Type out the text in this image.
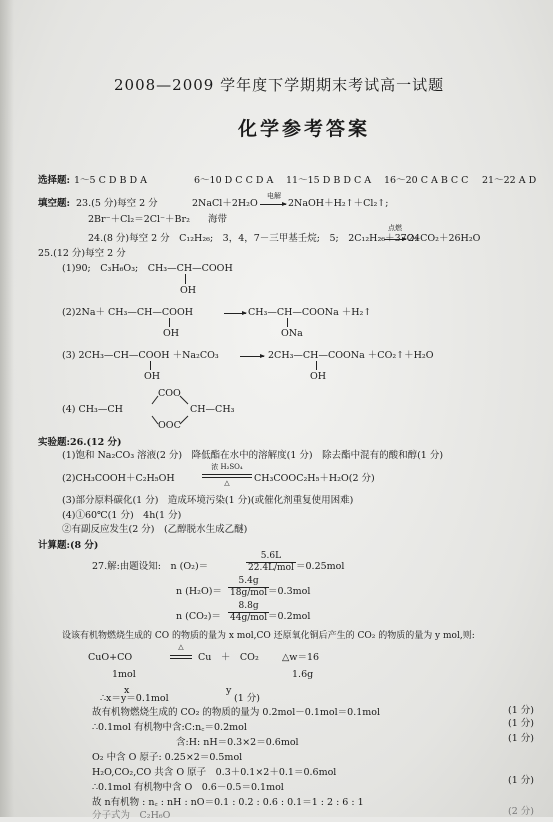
2008—2009 学年度下学期期末考试高一试题
化学参考答案
选择题: 1～5 C D B D A	6～10 D C C D A 11～15 D B D C A 16～20 C A B C C 21～22 A D
填空题: 23.(5 分)每空 2 分	2NaCl＋2H₂O
电解
2NaOH＋H₂↑＋Cl₂↑;
2Br⁻＋Cl₂＝2Cl⁻＋Br₂ 海带
24.(8 分)每空 2 分　C₁₂H₂₆;　3，4，7－三甲基壬烷;　5;　2C₁₂H₂₆＋37O₂
点燃
24CO₂＋26H₂O
25.(12 分)每空 2 分
(1)90;　C₃H₆O₃;　CH₃—CH—COOH
OH
(2)2Na＋ CH₃—CH—COOH	CH₃—CH—COONa ＋H₂↑
OH	ONa
(3) 2CH₃—CH—COOH ＋Na₂CO₃	2CH₃—CH—COONa ＋CO₂↑＋H₂O
OH	OH
(4) CH₃—CH
COO
OOC
CH—CH₃
实验题:26.(12 分)
(1)饱和 Na₂CO₃ 溶液(2 分)　降低酯在水中的溶解度(1 分)　除去酯中混有的酸和醇(1 分)
(2)CH₃COOH＋C₂H₅OH
浓 H₂SO₄
△	CH₃COOC₂H₅＋H₂O(2 分)
(3)部分原料碳化(1 分)　造成环境污染(1 分)(或催化剂重复使用困难)
(4)①60℃(1 分)　4h(1 分)
②有副反应发生(2 分)　(乙醇脱水生成乙醚)
计算题:(8 分)
27.解:由题设知:　n (O₂)＝
5.6L
22.4L/mol ＝0.25mol
n (H₂O)＝
5.4g
18g/mol ＝0.3mol
n (CO₂)＝
8.8g
44g/mol ＝0.2mol
设该有机物燃烧生成的 CO 的物质的量为 x mol,CO 还原氧化铜后产生的 CO₂ 的物质的量为 y mol,则:
CuO+CO
△
Cu　＋　CO₂ △w＝16
1mol	1.6g
x	y
∴x＝y＝0.1mol	(1 分)
故有机物燃烧生成的 CO₂ 的物质的量为 0.2mol－0.1mol＝0.1mol	(1 分)
∴0.1mol 有机物中含:C:n꜀＝0.2mol	(1 分)
含:H: nH＝0.3×2＝0.6mol	(1 分)
O₂ 中含 O 原子: 0.25×2＝0.5mol
H₂O,CO₂,CO 共含 O 原子　0.3＋0.1×2＋0.1＝0.6mol
∴0.1mol 有机物中含 O　0.6－0.5＝0.1mol
(1 分)
故 n有机物 : n꜀ : nH : nO＝0.1 : 0.2 : 0.6 : 0.1＝1 : 2 : 6 : 1
分子式为　C₂H₆O	(2 分)
